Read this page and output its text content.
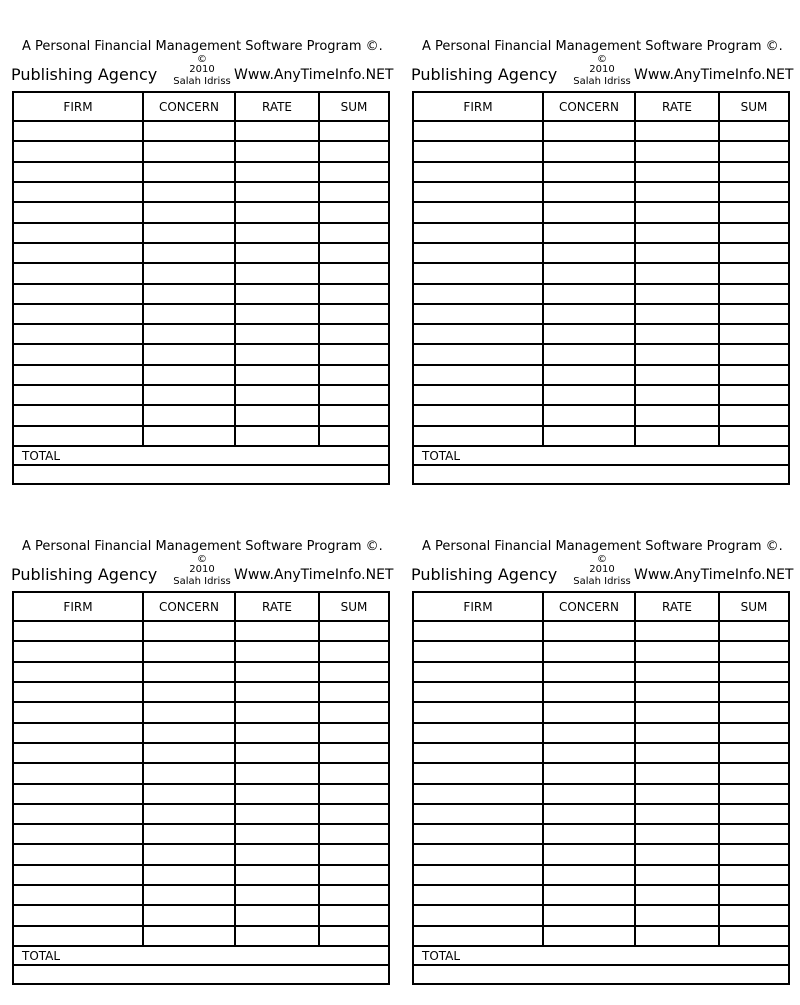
A Personal Financial Management Software Program ©.
Publishing Agency
©
2010
Salah Idriss Www.AnyTimeInfo.NET
FIRM	CONCERN	RATE	SUM

TOTAL			

A Personal Financial Management Software Program ©.
Publishing Agency
©
2010
Salah Idriss Www.AnyTimeInfo.NET
FIRM	CONCERN	RATE	SUM

TOTAL			

A Personal Financial Management Software Program ©.
Publishing Agency
©
2010
Salah Idriss Www.AnyTimeInfo.NET
FIRM	CONCERN	RATE	SUM

TOTAL			

A Personal Financial Management Software Program ©.
Publishing Agency
©
2010
Salah Idriss Www.AnyTimeInfo.NET
FIRM	CONCERN	RATE	SUM

TOTAL			
